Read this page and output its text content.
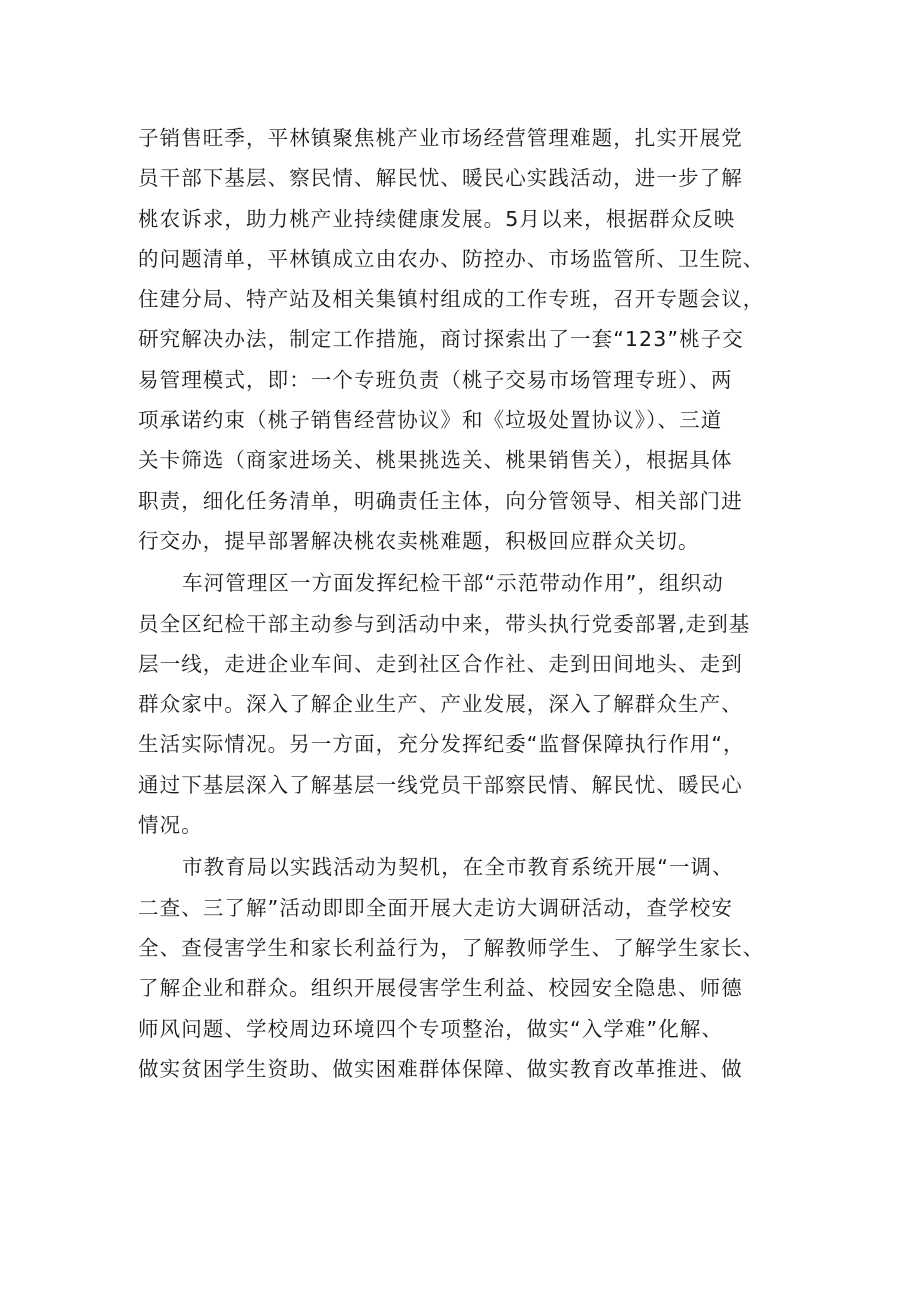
子销售旺季，平林镇聚焦桃产业市场经营管理难题，扎实开展党
员干部下基层、察民情、解民忧、暖民心实践活动，进一步了解
桃农诉求，助力桃产业持续健康发展。5月以来，根据群众反映
的问题清单，平林镇成立由农办、防控办、市场监管所、卫生院、
住建分局、特产站及相关集镇村组成的工作专班，召开专题会议，
研究解决办法，制定工作措施，商讨探索出了一套“123”桃子交
易管理模式，即：一个专班负责（桃子交易市场管理专班）、两
项承诺约束（桃子销售经营协议》和《垃圾处置协议》）、三道
关卡筛选（商家进场关、桃果挑选关、桃果销售关），根据具体
职责，细化任务清单，明确责任主体，向分管领导、相关部门进
行交办，提早部署解决桃农卖桃难题，积极回应群众关切。
车河管理区一方面发挥纪检干部“示范带动作用”，组织动
员全区纪检干部主动参与到活动中来，带头执行党委部署,走到基
层一线，走进企业车间、走到社区合作社、走到田间地头、走到
群众家中。深入了解企业生产、产业发展，深入了解群众生产、
生活实际情况。另一方面，充分发挥纪委“监督保障执行作用“，
通过下基层深入了解基层一线党员干部察民情、解民忧、暖民心
情况。
市教育局以实践活动为契机，在全市教育系统开展“一调、
二查、三了解”活动即即全面开展大走访大调研活动，查学校安
全、查侵害学生和家长利益行为，了解教师学生、了解学生家长、
了解企业和群众。组织开展侵害学生利益、校园安全隐患、师德
师风问题、学校周边环境四个专项整治，做实“入学难”化解、
做实贫困学生资助、做实困难群体保障、做实教育改革推进、做
